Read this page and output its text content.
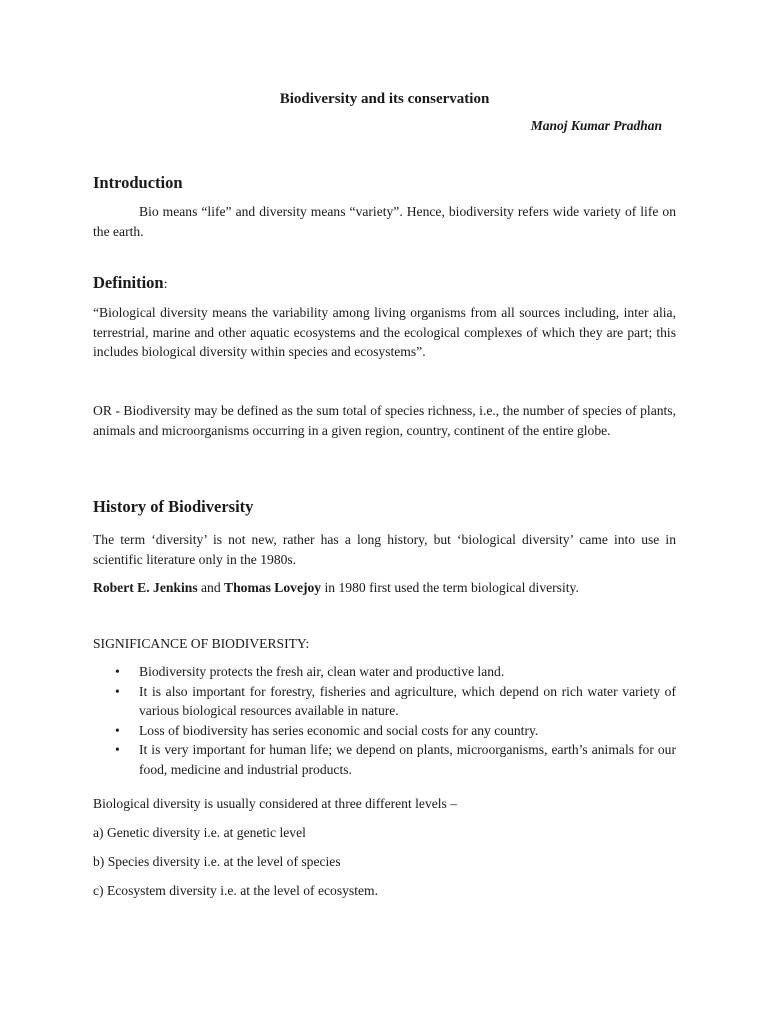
Biodiversity and its conservation
Manoj Kumar Pradhan
Introduction

Bio means “life” and diversity means “variety”. Hence, biodiversity refers wide variety of life on the earth.

Definition:

“Biological diversity means the variability among living organisms from all sources including, inter alia, terrestrial, marine and other aquatic ecosystems and the ecological complexes of which they are part; this includes biological diversity within species and ecosystems”.

OR - Biodiversity may be defined as the sum total of species richness, i.e., the number of species of plants, animals and microorganisms occurring in a given region, country, continent of the entire globe.

History of Biodiversity

The term ‘diversity’ is not new, rather has a long history, but ‘biological diversity’ came into use in scientific literature only in the 1980s.

Robert E. Jenkins and Thomas Lovejoy in 1980 first used the term biological diversity.

SIGNIFICANCE OF BIODIVERSITY:

• Biodiversity protects the fresh air, clean water and productive land.
• It is also important for forestry, fisheries and agriculture, which depend on rich water variety of various biological resources available in nature.
• Loss of biodiversity has series economic and social costs for any country.
• It is very important for human life; we depend on plants, microorganisms, earth’s animals for our food, medicine and industrial products.

Biological diversity is usually considered at three different levels –

a) Genetic diversity i.e. at genetic level

b) Species diversity i.e. at the level of species

c) Ecosystem diversity i.e. at the level of ecosystem.
